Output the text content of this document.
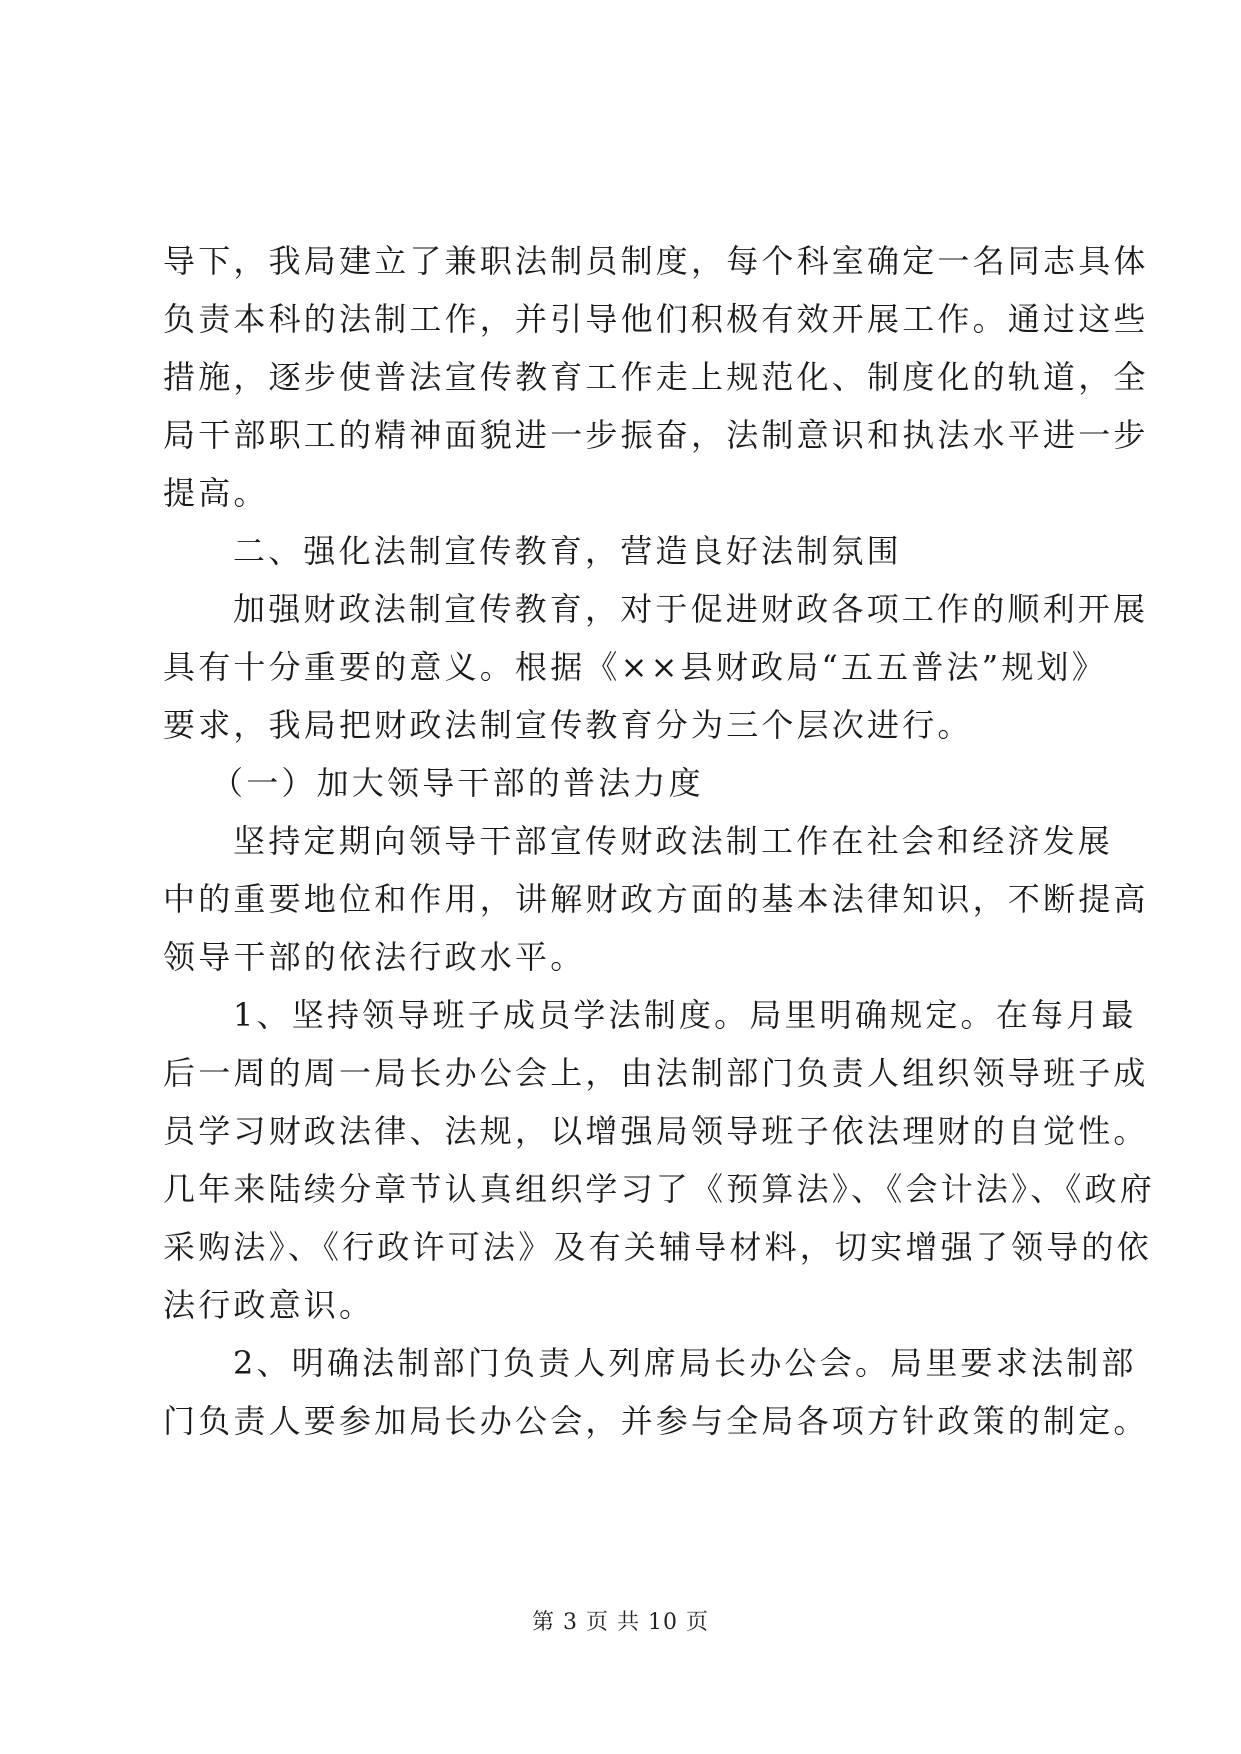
导下，我局建立了兼职法制员制度，每个科室确定一名同志具体

负责本科的法制工作，并引导他们积极有效开展工作。通过这些

措施，逐步使普法宣传教育工作走上规范化、制度化的轨道，全

局干部职工的精神面貌进一步振奋，法制意识和执法水平进一步

提高。

二、强化法制宣传教育，营造良好法制氛围

加强财政法制宣传教育，对于促进财政各项工作的顺利开展

具有十分重要的意义。根据《××县财政局“五五普法”规划》

要求，我局把财政法制宣传教育分为三个层次进行。

（一）加大领导干部的普法力度

坚持定期向领导干部宣传财政法制工作在社会和经济发展

中的重要地位和作用，讲解财政方面的基本法律知识，不断提高

领导干部的依法行政水平。

1、坚持领导班子成员学法制度。局里明确规定。在每月最

后一周的周一局长办公会上，由法制部门负责人组织领导班子成

员学习财政法律、法规，以增强局领导班子依法理财的自觉性。

几年来陆续分章节认真组织学习了《预算法》、《会计法》、《政府

采购法》、《行政许可法》及有关辅导材料，切实增强了领导的依

法行政意识。

2、明确法制部门负责人列席局长办公会。局里要求法制部

门负责人要参加局长办公会，并参与全局各项方针政策的制定。

第 3 页 共 10 页
